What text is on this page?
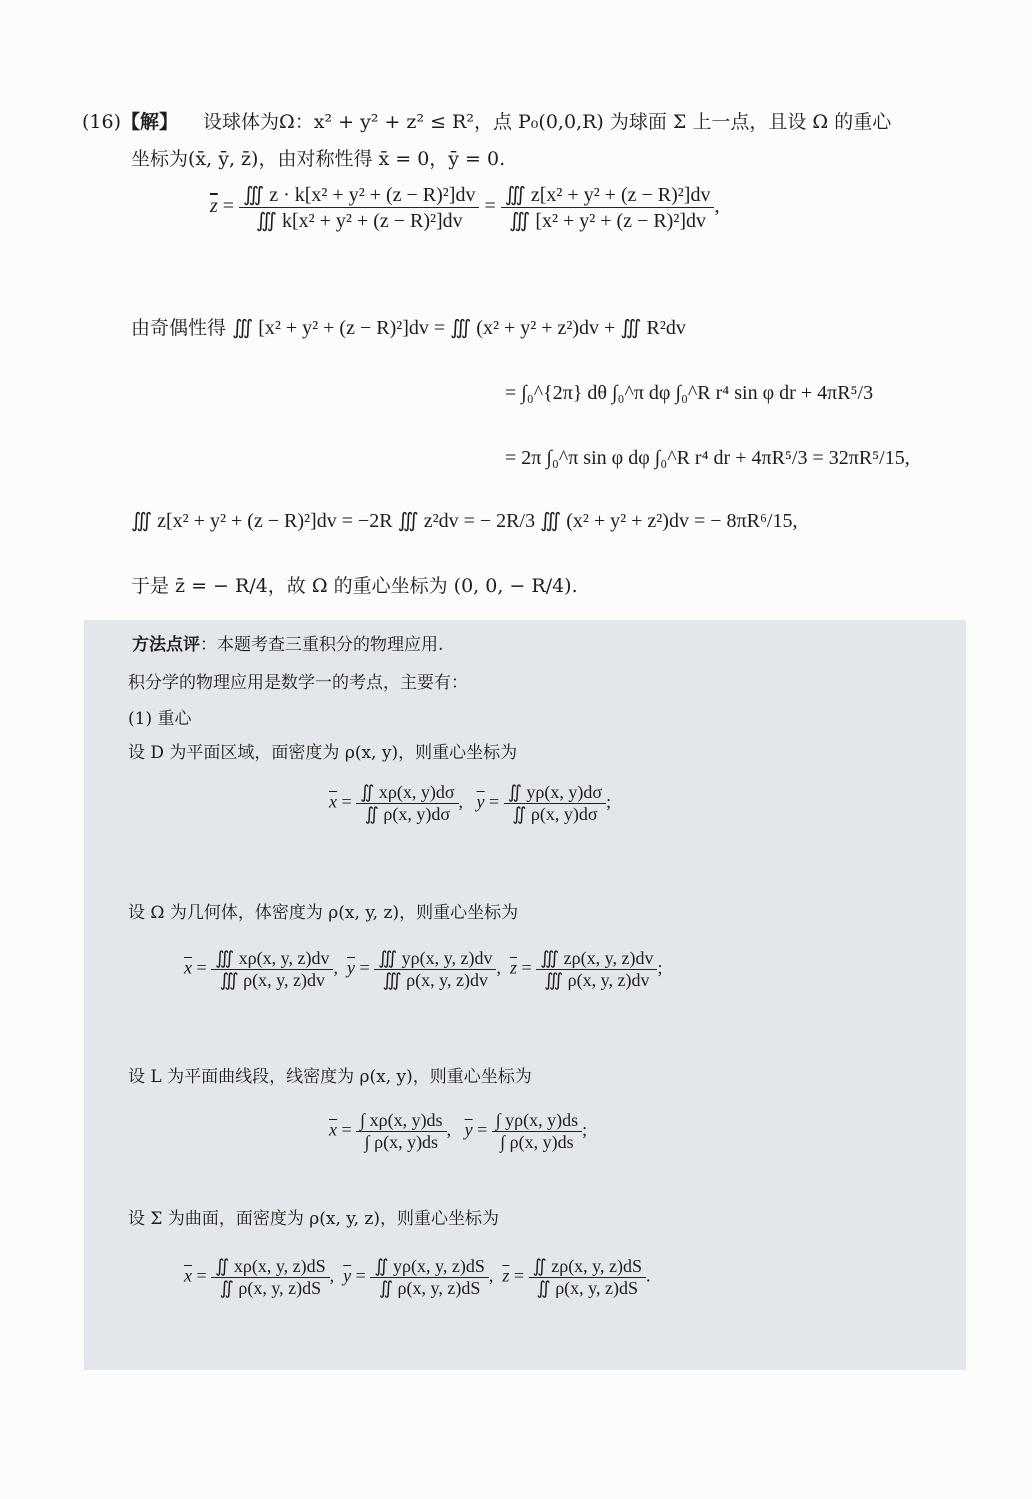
(16)【解】 设球体为Ω：x² + y² + z² ≤ R²，点 P₀(0,0,R) 为球面 Σ 上一点，且设 Ω 的重心
坐标为(x̄, ȳ, z̄)，由对称性得 x̄ = 0，ȳ = 0.
$\overline{z} = \frac{\text{∭ z · k[x² + y² + (z − R)²]dv}}{\text{∭ k[x² + y² + (z − R)²]dv}} = \frac{\text{∭ z[x² + y² + (z − R)²]dv}}{\text{∭ [x² + y² + (z − R)²]dv}}$ ,
由奇偶性得 ∭ [x² + y² + (z − R)²]dv = ∭ (x² + y² + z²)dv + ∭ R²dv
= ∫₀^{2π} dθ ∫₀^π dφ ∫₀^R r⁴ sin φ dr + 4πR⁵/3
= 2π ∫₀^π sin φ dφ ∫₀^R r⁴ dr + 4πR⁵/3 = 32πR⁵/15,
∭ z[x² + y² + (z − R)²]dv = −2R ∭ z²dv = − 2R/3 ∭ (x² + y² + z²)dv = − 8πR⁶/15,
于是 z̄ = − R/4，故 Ω 的重心坐标为 (0, 0, − R/4).
方法点评：本题考查三重积分的物理应用.
积分学的物理应用是数学一的考点，主要有：
(1) 重心
设 D 为平面区域，面密度为 ρ(x, y)，则重心坐标为
$\overline{x} = \frac{∬ x\rho(x, y)d\sigma}{∬ \rho(x, y)d\sigma}$ ,   $\overline{y} = \frac{∬ y\rho(x, y)d\sigma}{∬ \rho(x, y)d\sigma}$ ;
设 Ω 为几何体，体密度为 ρ(x, y, z)，则重心坐标为
$\overline{x} = \frac{∭ x\rho(x, y, z)dv}{∭ \rho(x, y, z)dv}$ ,  $\overline{y} = \frac{∭ y\rho(x, y, z)dv}{∭ \rho(x, y, z)dv}$ ,  $\overline{z} = \frac{∭ z\rho(x, y, z)dv}{∭ \rho(x, y, z)dv}$ ;
设 L 为平面曲线段，线密度为 ρ(x, y)，则重心坐标为
$\overline{x} = \frac{\int x\rho(x, y)ds}{\int \rho(x, y)ds}$ ,   $\overline{y} = \frac{\int y\rho(x, y)ds}{\int \rho(x, y)ds}$ ;
设 Σ 为曲面，面密度为 ρ(x, y, z)，则重心坐标为
$\overline{x} = \frac{∬ x\rho(x, y, z)dS}{∬ \rho(x, y, z)dS}$ ,  $\overline{y} = \frac{∬ y\rho(x, y, z)dS}{∬ \rho(x, y, z)dS}$ ,  $\overline{z} = \frac{∬ z\rho(x, y, z)dS}{∬ \rho(x, y, z)dS}$ .
